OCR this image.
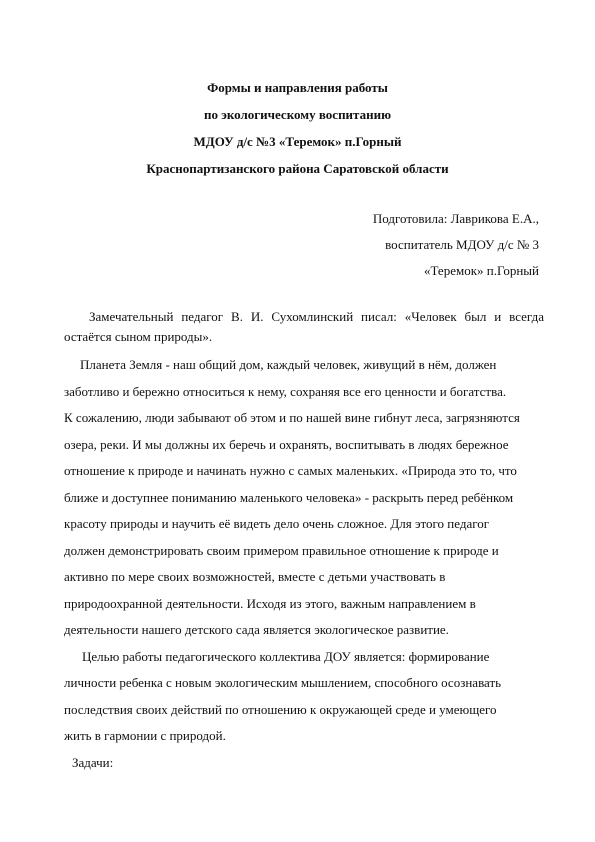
Формы и направления работы
по экологическому воспитанию
МДОУ д/с №3 «Теремок» п.Горный
Краснопартизанского района Саратовской области
Подготовила: Лаврикова Е.А.,
воспитатель МДОУ д/с № 3
«Теремок» п.Горный
Замечательный педагог В. И. Сухомлинский писал: «Человек был и всегда
остаётся сыном природы».
Планета Земля - наш общий дом, каждый человек, живущий в нём, должен
заботливо и бережно относиться к нему, сохраняя все его ценности и богатства.
К сожалению, люди забывают об этом и по нашей вине гибнут леса, загрязняются
озера, реки. И мы должны их беречь и охранять, воспитывать в людях бережное
отношение к природе и начинать нужно с самых маленьких. «Природа это то, что
ближе и доступнее пониманию маленького человека» - раскрыть перед ребёнком
красоту природы и научить её видеть дело очень сложное. Для этого педагог
должен демонстрировать своим примером правильное отношение к природе и
активно по мере своих возможностей, вместе с детьми участвовать в
природоохранной деятельности. Исходя из этого, важным направлением в
деятельности нашего детского сада является экологическое развитие.
Целью работы педагогического коллектива ДОУ является: формирование
личности ребенка с новым экологическим мышлением, способного осознавать
последствия своих действий по отношению к окружающей среде и умеющего
жить в гармонии с природой.
Задачи:
